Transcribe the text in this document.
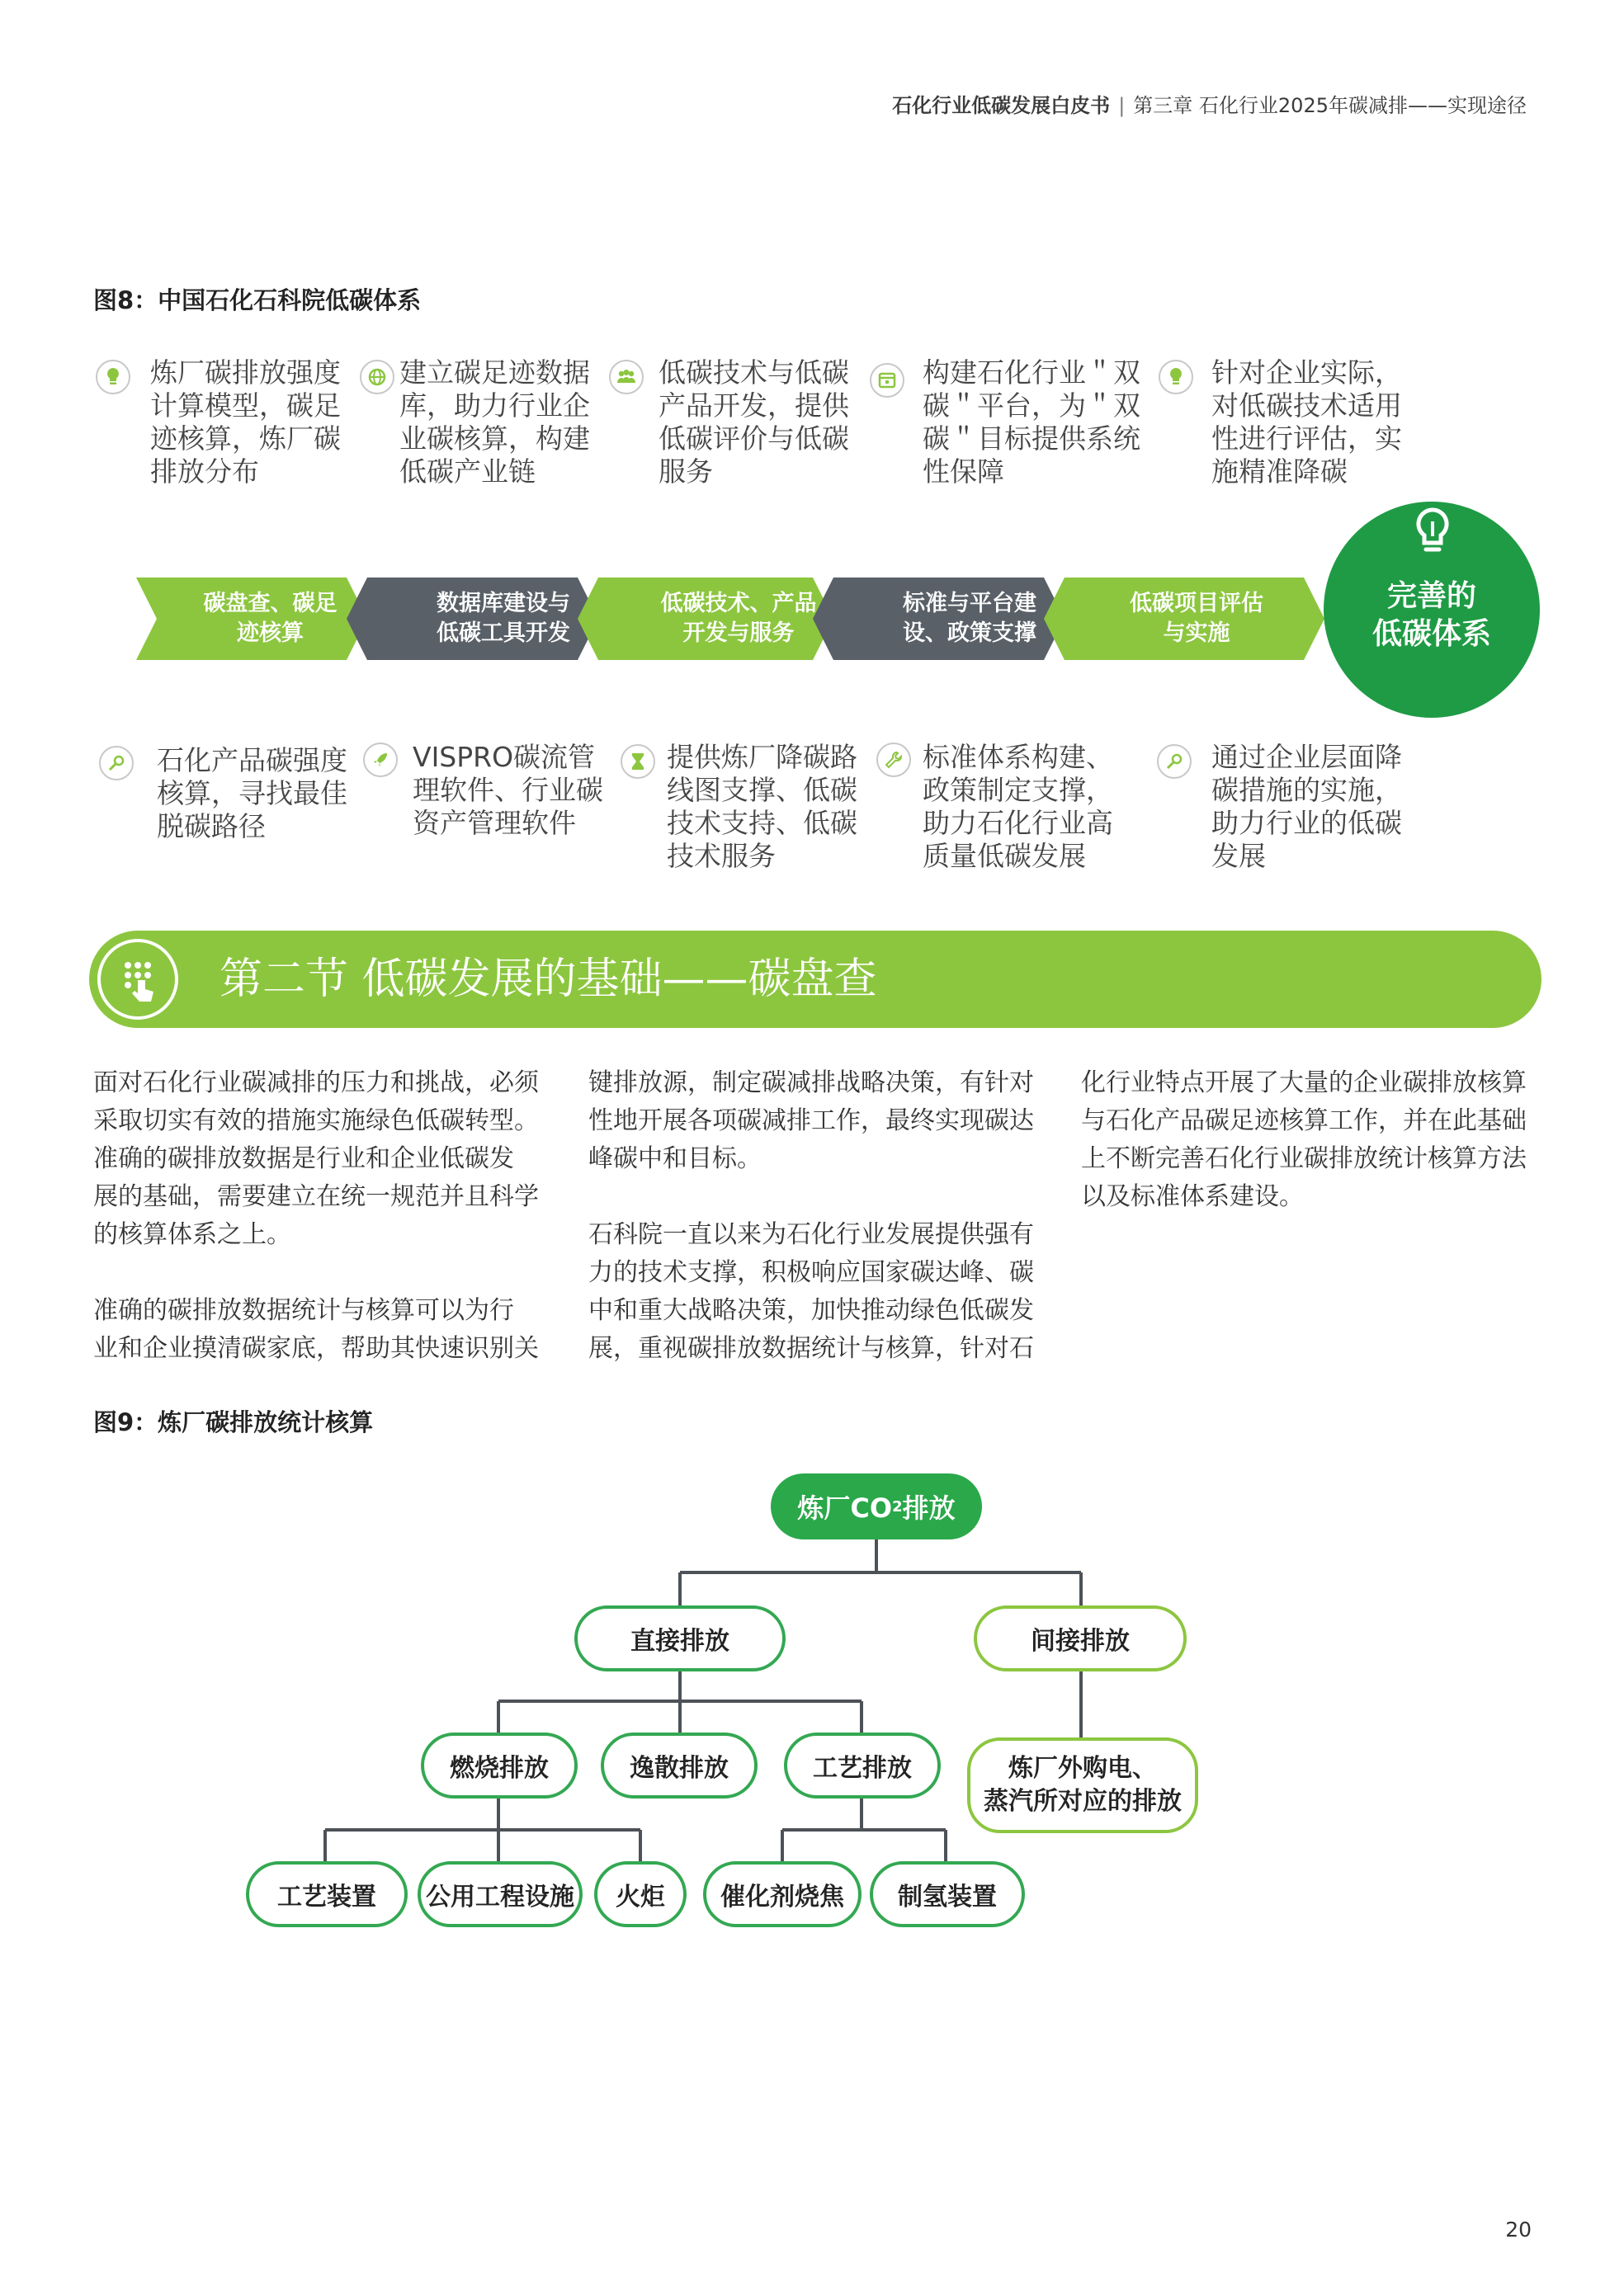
石化行业低碳发展白皮书 | 第三章 石化行业2025年碳减排——实现途径
图8：中国石化石科院低碳体系
炼厂碳排放强度
计算模型，碳足
迹核算，炼厂碳
排放分布
建立碳足迹数据
库，助力行业企
业碳核算，构建
低碳产业链
低碳技术与低碳
产品开发，提供
低碳评价与低碳
服务
构建石化行业＂双
碳＂平台，为＂双
碳＂目标提供系统
性保障
针对企业实际，
对低碳技术适用
性进行评估，实
施精准降碳
碳盘查、碳足
迹核算
数据库建设与
低碳工具开发
低碳技术、产品
开发与服务
标准与平台建
设、政策支撑
低碳项目评估
与实施
完善的
低碳体系
石化产品碳强度
核算，寻找最佳
脱碳路径
VISPRO碳流管
理软件、行业碳
资产管理软件
提供炼厂降碳路
线图支撑、低碳
技术支持、低碳
技术服务
标准体系构建、
政策制定支撑，
助力石化行业高
质量低碳发展
通过企业层面降
碳措施的实施，
助力行业的低碳
发展
第二节 低碳发展的基础——碳盘查

面对石化行业碳减排的压力和挑战，必须
采取切实有效的措施实施绿色低碳转型。
准确的碳排放数据是行业和企业低碳发
展的基础，需要建立在统一规范并且科学
的核算体系之上。

准确的碳排放数据统计与核算可以为行
业和企业摸清碳家底，帮助其快速识别关

键排放源，制定碳减排战略决策，有针对
性地开展各项碳减排工作，最终实现碳达
峰碳中和目标。

石科院一直以来为石化行业发展提供强有
力的技术支撑，积极响应国家碳达峰、碳
中和重大战略决策，加快推动绿色低碳发
展，重视碳排放数据统计与核算，针对石

化行业特点开展了大量的企业碳排放核算
与石化产品碳足迹核算工作，并在此基础
上不断完善石化行业碳排放统计核算方法
以及标准体系建设。

图9：炼厂碳排放统计核算
炼厂CO 2 排放
直接排放	间接排放
燃烧排放	逸散排放	工艺排放	炼厂外购电、
蒸汽所对应的排放
工艺装置	公用工程设施	火炬	催化剂烧焦	制氢装置
20
